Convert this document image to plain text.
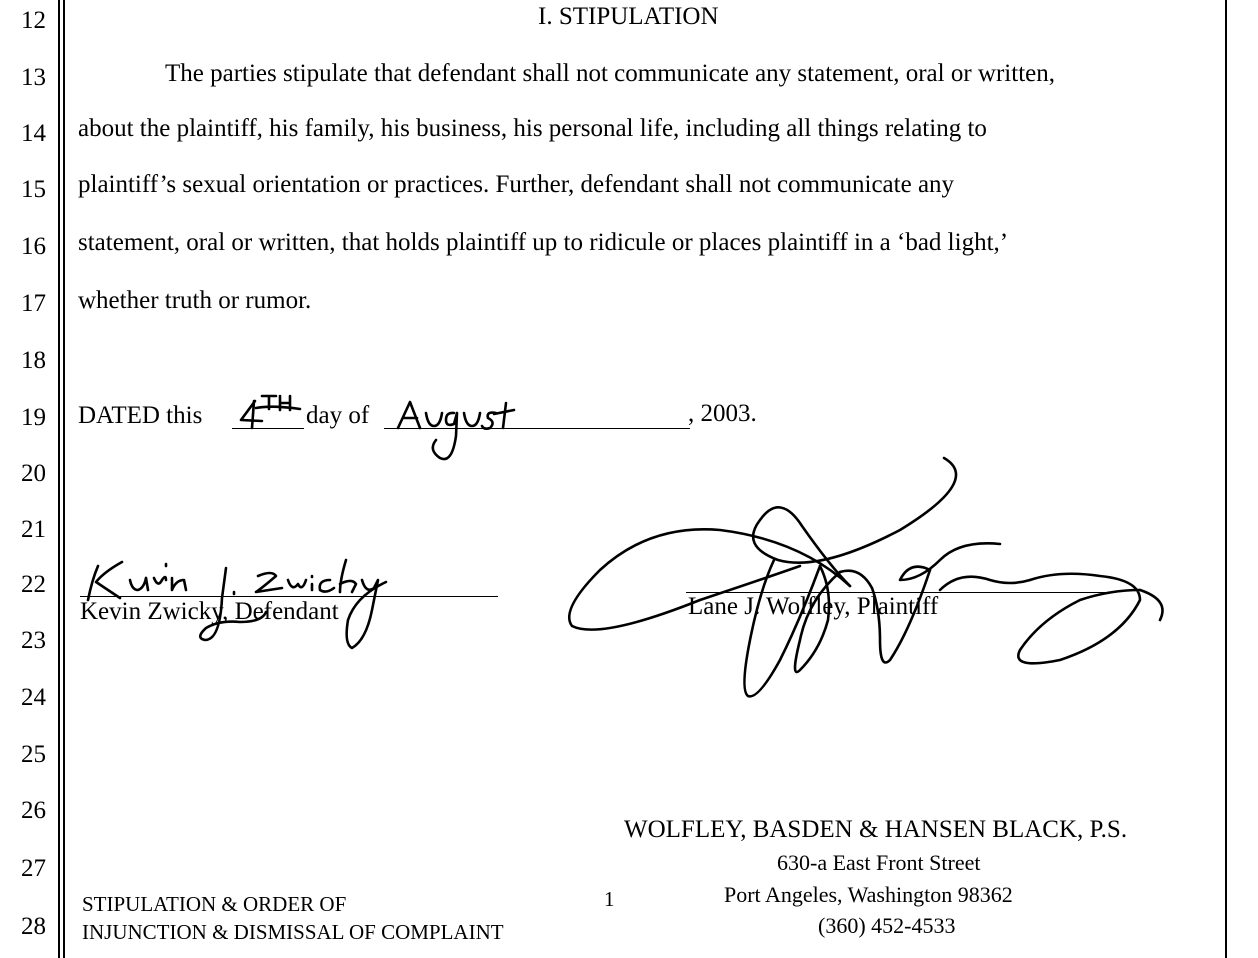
12
13
14
15
16
17
18
19
20
21
22
23
24
25
26
27
28
I. STIPULATION
The parties stipulate that defendant shall not communicate any statement, oral or written,
about the plaintiff, his family, his business, his personal life, including all things relating to
plaintiff’s sexual orientation or practices. Further, defendant shall not communicate any
statement, oral or written, that holds plaintiff up to ridicule or places plaintiff in a ‘bad light,’
whether truth or rumor.
DATED this	day of	, 2003.
Kevin Zwicky, Defendant	Lane J. Wolfley, Plaintiff
STIPULATION & ORDER OF
INJUNCTION & DISMISSAL OF COMPLAINT
1
WOLFLEY, BASDEN & HANSEN BLACK, P.S.
630-a East Front Street
Port Angeles, Washington 98362
(360) 452-4533
